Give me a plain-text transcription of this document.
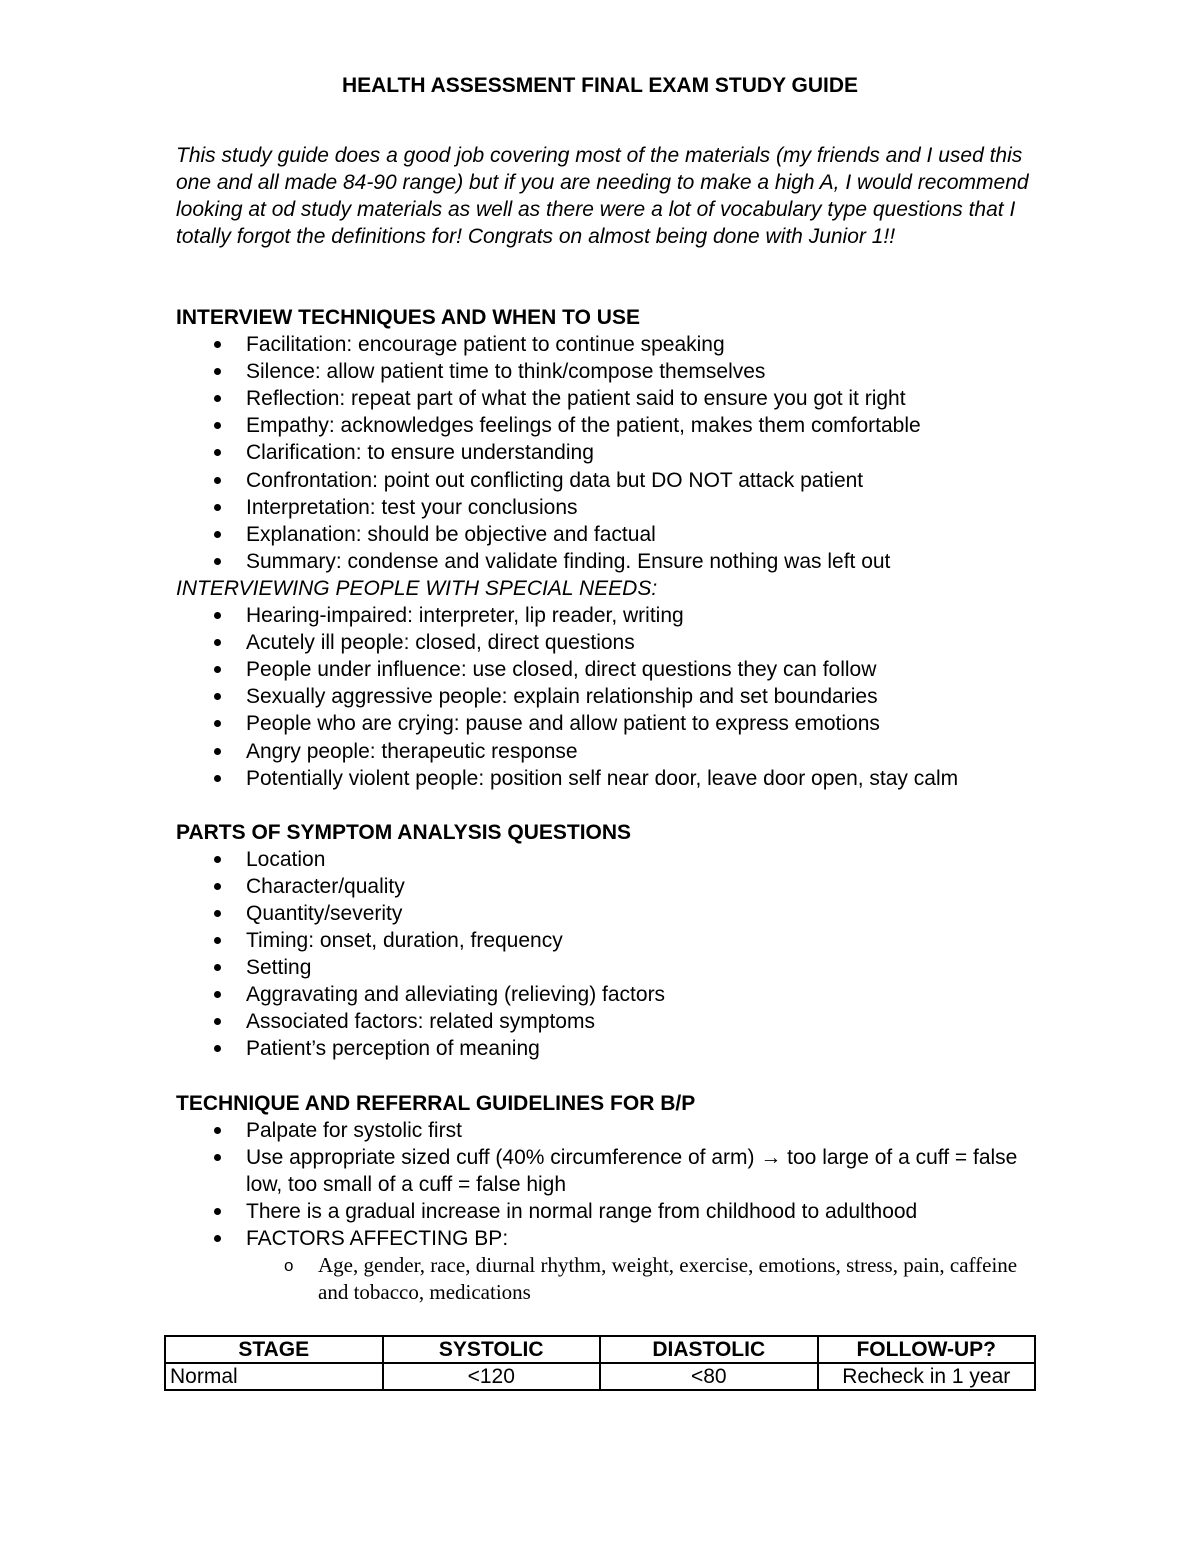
HEALTH ASSESSMENT FINAL EXAM STUDY GUIDE
This study guide does a good job covering most of the materials (my friends and I used this one and all made 84-90 range) but if you are needing to make a high A, I would recommend looking at od study materials as well as there were a lot of vocabulary type questions that I totally forgot the definitions for! Congrats on almost being done with Junior 1!!

INTERVIEW TECHNIQUES AND WHEN TO USE

Facilitation: encourage patient to continue speaking
Silence: allow patient time to think/compose themselves
Reflection: repeat part of what the patient said to ensure you got it right
Empathy: acknowledges feelings of the patient, makes them comfortable
Clarification: to ensure understanding
Confrontation: point out conflicting data but DO NOT attack patient
Interpretation: test your conclusions
Explanation: should be objective and factual
Summary: condense and validate finding. Ensure nothing was left out

INTERVIEWING PEOPLE WITH SPECIAL NEEDS:

Hearing-impaired: interpreter, lip reader, writing
Acutely ill people: closed, direct questions
People under influence: use closed, direct questions they can follow
Sexually aggressive people: explain relationship and set boundaries
People who are crying: pause and allow patient to express emotions
Angry people: therapeutic response
Potentially violent people: position self near door, leave door open, stay calm

PARTS OF SYMPTOM ANALYSIS QUESTIONS

Location
Character/quality
Quantity/severity
Timing: onset, duration, frequency
Setting
Aggravating and alleviating (relieving) factors
Associated factors: related symptoms
Patient’s perception of meaning

TECHNIQUE AND REFERRAL GUIDELINES FOR B/P

Palpate for systolic first
Use appropriate sized cuff (40% circumference of arm) → too large of a cuff = false low, too small of a cuff = false high
There is a gradual increase in normal range from childhood to adulthood
FACTORS AFFECTING BP:
o Age, gender, race, diurnal rhythm, weight, exercise, emotions, stress, pain, caffeine and tobacco, medications
STAGE	SYSTOLIC	DIASTOLIC	FOLLOW-UP?
Normal	<120	<80	Recheck in 1 year
